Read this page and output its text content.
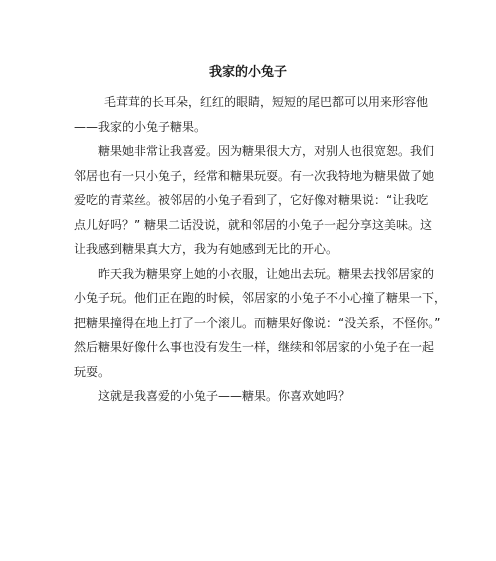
我家的小兔子

毛茸茸的长耳朵，红红的眼睛，短短的尾巴都可以用来形容他
——我家的小兔子糖果。

糖果她非常让我喜爱。因为糖果很大方，对别人也很宽恕。我们
邻居也有一只小兔子，经常和糖果玩耍。有一次我特地为糖果做了她
爱吃的青菜丝。被邻居的小兔子看到了，它好像对糖果说：“让我吃
点儿好吗？” 糖果二话没说，就和邻居的小兔子一起分享这美味。这
让我感到糖果真大方，我为有她感到无比的开心。

昨天我为糖果穿上她的小衣服，让她出去玩。糖果去找邻居家的
小兔子玩。他们正在跑的时候，邻居家的小兔子不小心撞了糖果一下，
把糖果撞得在地上打了一个滚儿。而糖果好像说：“没关系，不怪你。”
然后糖果好像什么事也没有发生一样，继续和邻居家的小兔子在一起
玩耍。

这就是我喜爱的小兔子——糖果。你喜欢她吗？
